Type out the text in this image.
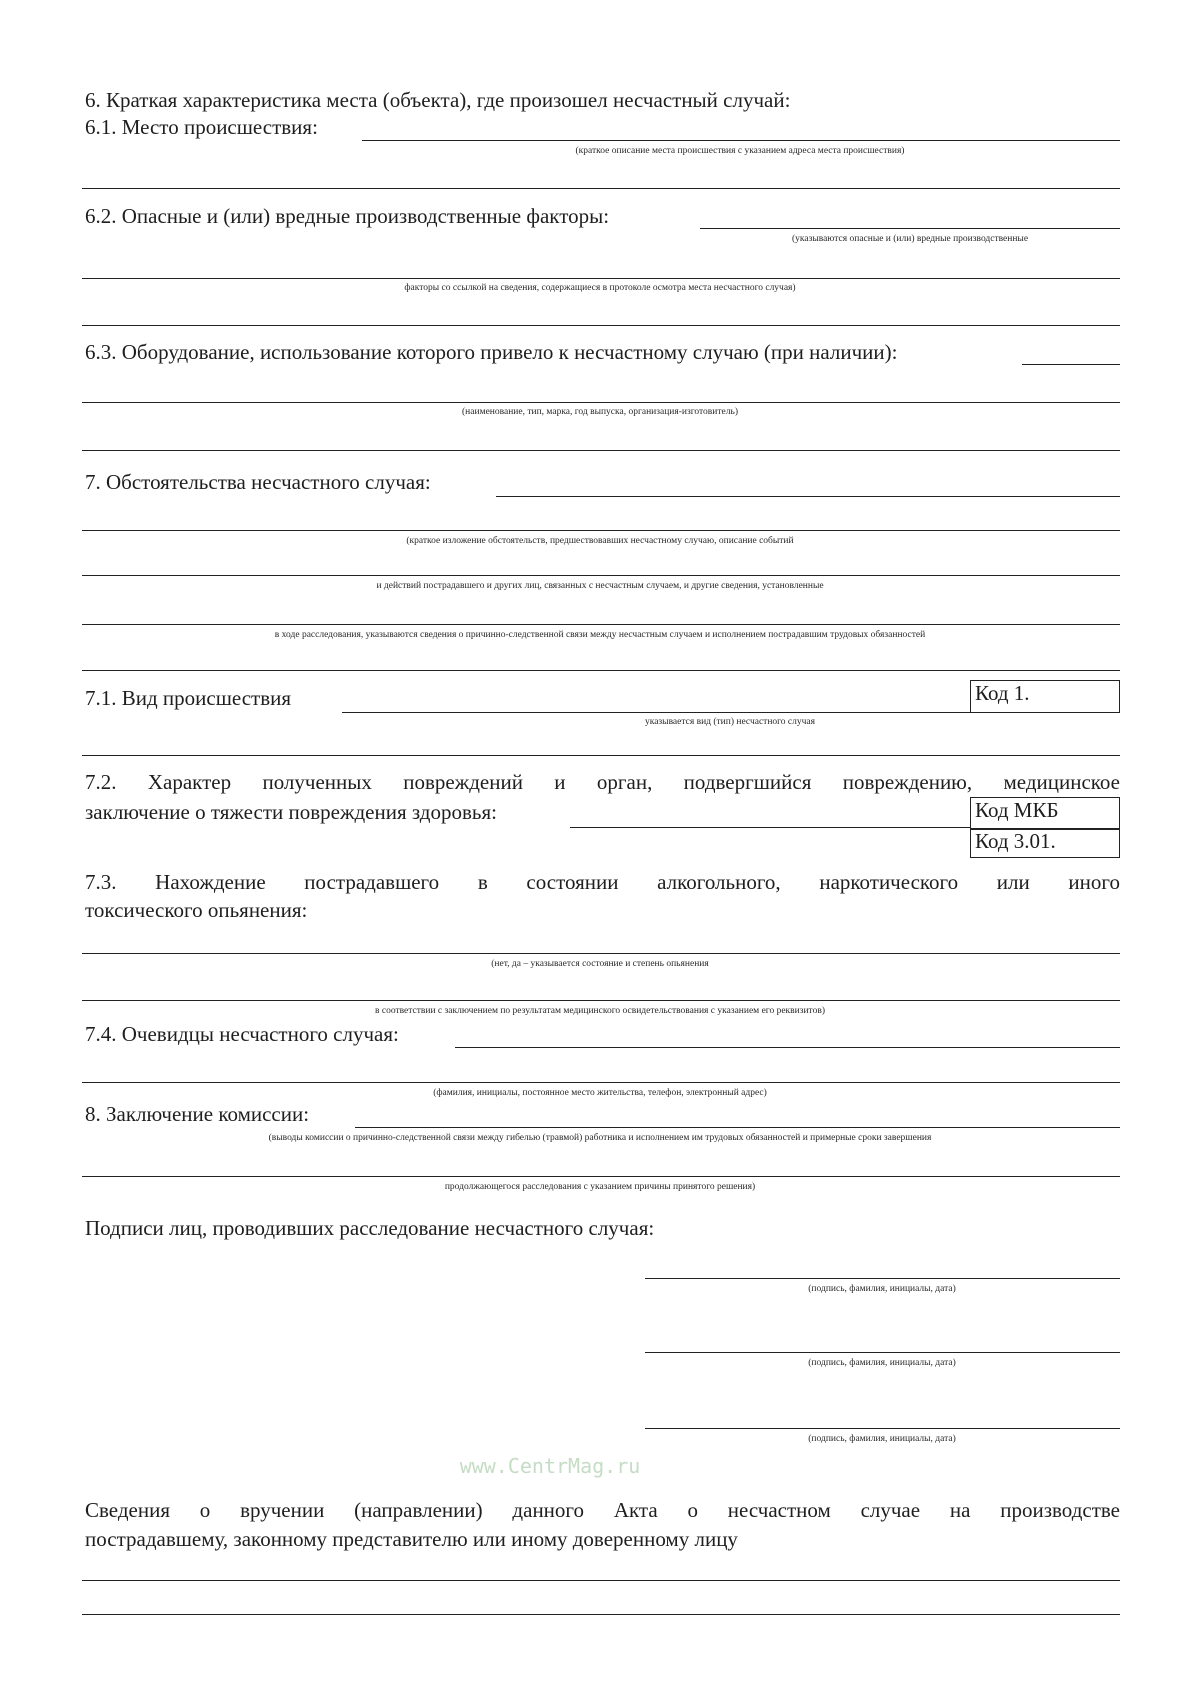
6. Краткая характеристика места (объекта), где произошел несчастный случай:
6.1. Место происшествия:
(краткое описание места происшествия с указанием адреса места происшествия)
6.2. Опасные и (или) вредные производственные факторы:
(указываются опасные и (или) вредные производственные
факторы со ссылкой на сведения, содержащиеся в протоколе осмотра места несчастного случая)
6.3. Оборудование, использование которого привело к несчастному случаю (при наличии):
(наименование, тип, марка, год выпуска, организация-изготовитель)
7. Обстоятельства несчастного случая:
(краткое изложение обстоятельств, предшествовавших несчастному случаю, описание событий
и действий пострадавшего и других лиц, связанных с несчастным случаем, и другие сведения, установленные
в ходе расследования, указываются сведения о причинно-следственной связи между несчастным случаем и исполнением пострадавшим трудовых обязанностей
7.1. Вид происшествия	Код 1.
указывается вид (тип) несчастного случая
7.2. Характер полученных повреждений и орган, подвергшийся повреждению, медицинское
заключение о тяжести повреждения здоровья:	Код МКБ
Код 3.01.
7.3. Нахождение пострадавшего в состоянии алкогольного, наркотического или иного
токсического опьянения:
(нет, да – указывается состояние и степень опьянения
в соответствии с заключением по результатам медицинского освидетельствования с указанием его реквизитов)
7.4. Очевидцы несчастного случая:
(фамилия, инициалы, постоянное место жительства, телефон, электронный адрес)
8. Заключение комиссии:
(выводы комиссии о причинно-следственной связи между гибелью (травмой) работника и исполнением им трудовых обязанностей и примерные сроки завершения
продолжающегося расследования с указанием причины принятого решения)
Подписи лиц, проводивших расследование несчастного случая:
(подпись, фамилия, инициалы, дата)
(подпись, фамилия, инициалы, дата)
(подпись, фамилия, инициалы, дата)
www.CentrMag.ru
Сведения о вручении (направлении) данного Акта о несчастном случае на производстве
пострадавшему, законному представителю или иному доверенному лицу
